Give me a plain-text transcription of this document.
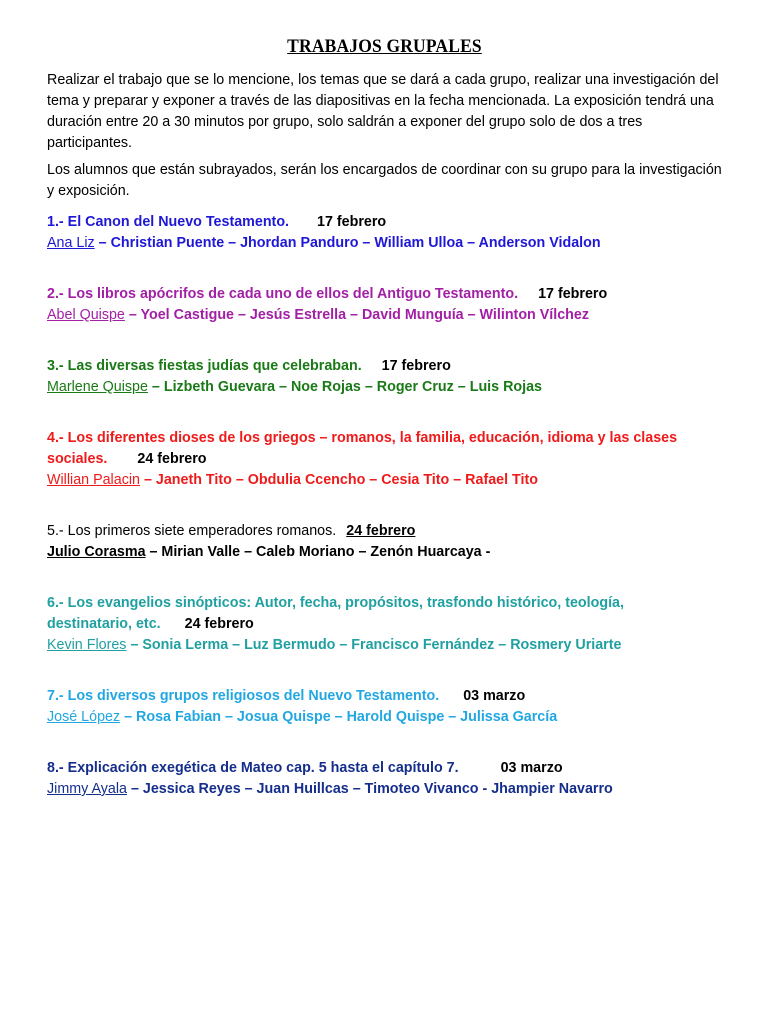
TRABAJOS GRUPALES

Realizar el trabajo que se lo mencione, los temas que se dará a cada grupo, realizar una investigación del tema y preparar y exponer a través de las diapositivas en la fecha mencionada. La exposición tendrá una duración entre 20 a 30 minutos por grupo, solo saldrán a exponer del grupo solo de dos a tres participantes.

Los alumnos que están subrayados, serán los encargados de coordinar con su grupo para la investigación y exposición.

1.- El Canon del Nuevo Testamento. 17 febrero
Ana Liz – Christian Puente – Jhordan Panduro – William Ulloa – Anderson Vidalon
2.- Los libros apócrifos de cada uno de ellos del Antiguo Testamento. 17 febrero
Abel Quispe – Yoel Castigue – Jesús Estrella – David Munguía – Wilinton Vílchez
3.- Las diversas fiestas judías que celebraban. 17 febrero
Marlene Quispe – Lizbeth Guevara – Noe Rojas – Roger Cruz – Luis Rojas
4.- Los diferentes dioses de los griegos – romanos, la familia, educación, idioma y las clases
sociales. 24 febrero
Willian Palacin – Janeth Tito – Obdulia Ccencho – Cesia Tito – Rafael Tito
5.- Los primeros siete emperadores romanos. 24 febrero
Julio Corasma – Mirian Valle – Caleb Moriano – Zenón Huarcaya -
6.- Los evangelios sinópticos: Autor, fecha, propósitos, trasfondo histórico, teología,
destinatario, etc. 24 febrero
Kevin Flores – Sonia Lerma – Luz Bermudo – Francisco Fernández – Rosmery Uriarte
7.- Los diversos grupos religiosos del Nuevo Testamento. 03 marzo
José López – Rosa Fabian – Josua Quispe – Harold Quispe – Julissa García
8.- Explicación exegética de Mateo cap. 5 hasta el capítulo 7.	03 marzo
Jimmy Ayala – Jessica Reyes – Juan Huillcas – Timoteo Vivanco - Jhampier Navarro
